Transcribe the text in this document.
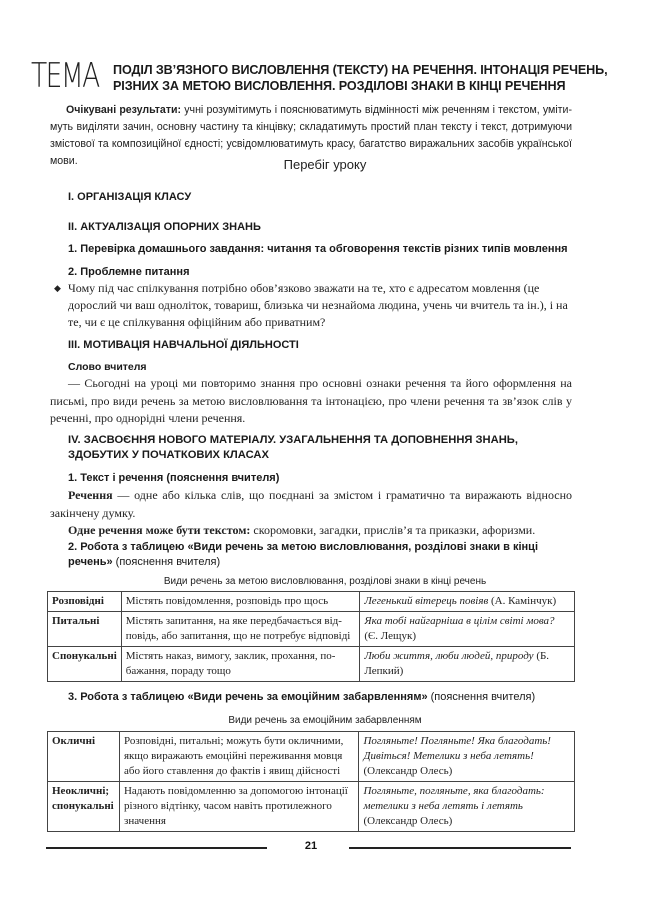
ТЕМА ПОДІЛ ЗВ’ЯЗНОГО ВИСЛОВЛЕННЯ (ТЕКСТУ) НА РЕЧЕННЯ. ІНТОНАЦІЯ РЕЧЕНЬ,
РІЗНИХ ЗА МЕТОЮ ВИСЛОВЛЕННЯ. РОЗДІЛОВІ ЗНАКИ В КІНЦІ РЕЧЕННЯ
Очікувані результати: учні розумітимуть і пояснюватимуть відмінності між реченням і текстом, умітимуть виділяти зачин, основну частину та кінцівку; складатимуть простий план тексту і текст, дотримуючи змістової та композиційної єдності; усвідомлюватимуть красу, багатство виражальних засобів української мови.	Перебіг уроку
I. ОРГАНІЗАЦІЯ КЛАСУ
II. АКТУАЛІЗАЦІЯ ОПОРНИХ ЗНАНЬ
1. Перевірка домашнього завдання: читання та обговорення текстів різних типів мовлення
2. Проблемне питання
◆ Чому під час спілкування потрібно обов’язково зважати на те, хто є адресатом мовлення (це дорослий чи ваш одноліток, товариш, близька чи незнайома людина, учень чи вчитель та ін.), і на те, чи є це спілкування офіційним або приватним?
III. МОТИВАЦІЯ НАВЧАЛЬНОЇ ДІЯЛЬНОСТІ
Слово вчителя
— Сьогодні на уроці ми повторимо знання про основні ознаки речення та його оформлення на письмі, про види речень за метою висловлювання та інтонацією, про члени речення та зв’язок слів у реченні, про однорідні члени речення.
IV. ЗАСВОЄННЯ НОВОГО МАТЕРІАЛУ. УЗАГАЛЬНЕННЯ ТА ДОПОВНЕННЯ ЗНАНЬ,
ЗДОБУТИХ У ПОЧАТКОВИХ КЛАСАХ
1. Текст і речення (пояснення вчителя)
Речення — одне або кілька слів, що поєднані за змістом і граматично та виражають відносно закінчену думку.
Одне речення може бути текстом: скоромовки, загадки, прислів’я та приказки, афоризми.
2. Робота з таблицею «Види речень за метою висловлювання, розділові знаки в кінці
речень» (пояснення вчителя)
Види речень за метою висловлювання, розділові знаки в кінці речень
Розповідні	Містять повідомлення, розповідь про щось	Легенький вітерець повіяв (А. Камінчук)
Питальні	Містять запитання, на яке передбачається відповідь, або запитання, що не потребує відповіді	Яка тобі найгарніша в цілім світі мова? (Є. Лещук)
Спонукальні	Містять наказ, вимогу, заклик, прохання, побажання, пораду тощо	Люби життя, люби людей, природу (Б. Лепкий)
3. Робота з таблицею «Види речень за емоційним забарвленням» (пояснення вчителя)
Види речень за емоційним забарвленням
Окличні	Розповідні, питальні; можуть бути окличними, якщо виражають емоційні переживання мовця або його ставлення до фактів і явищ дійсності	Погляньте! Погляньте! Яка благодать! Дивіться! Метелики з неба летять! (Олександр Олесь)
Неокличні; спонукальні	Надають повідомленню за допомогою інтонації різного відтінку, часом навіть протилежного значення	Погляньте, погляньте, яка благодать: метелики з неба летять і летять (Олександр Олесь)
21
